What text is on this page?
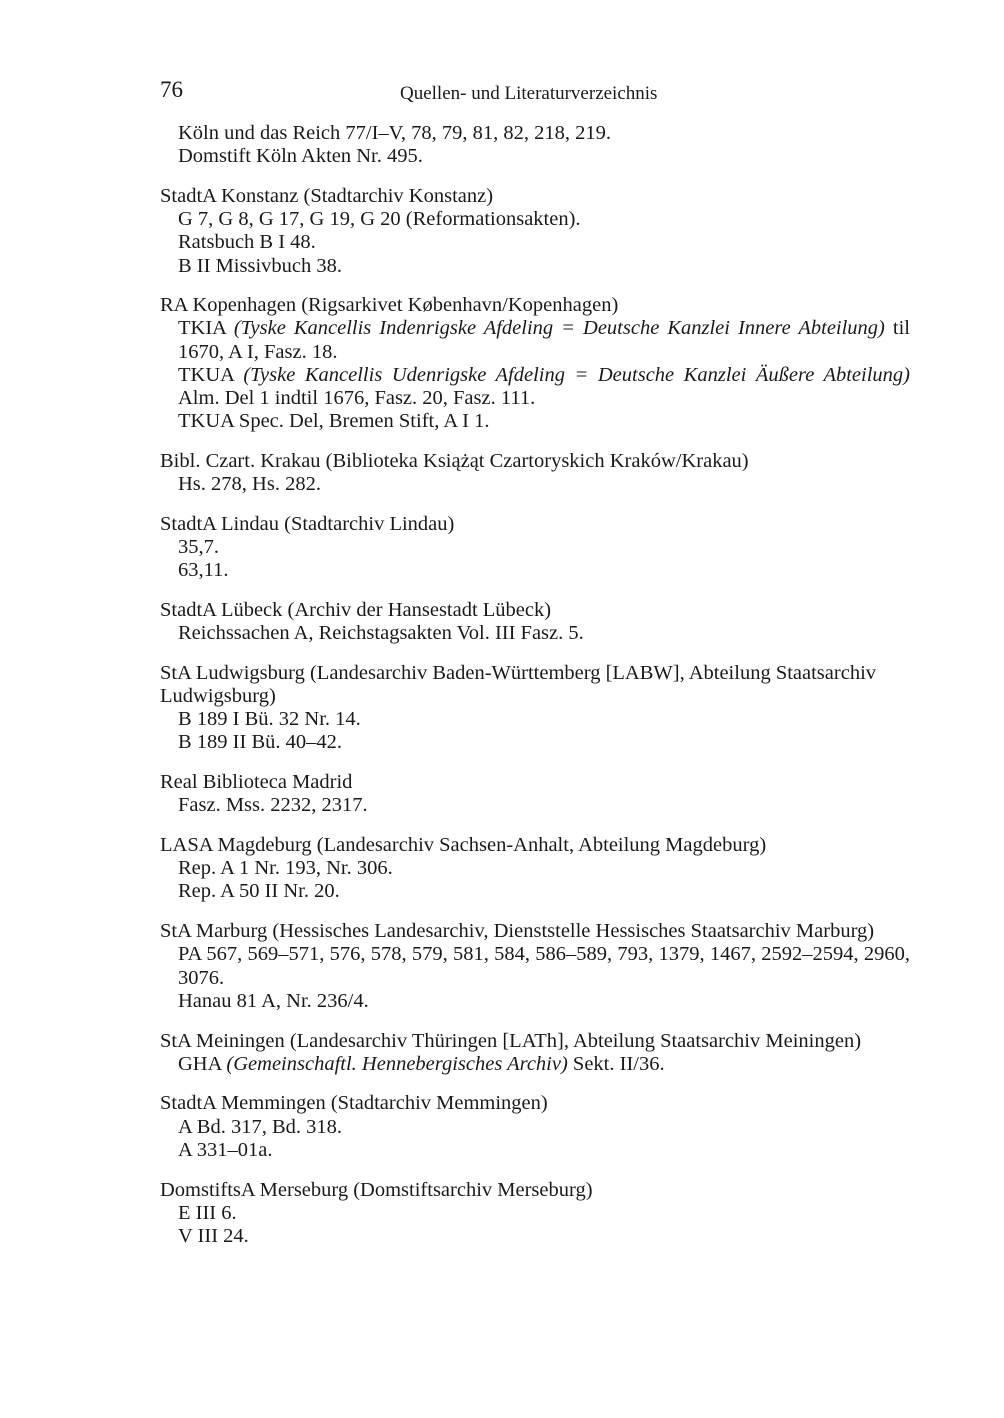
76	Quellen- und Literaturverzeichnis
Köln und das Reich 77/I–V, 78, 79, 81, 82, 218, 219.
Domstift Köln Akten Nr. 495.
StadtA Konstanz (Stadtarchiv Konstanz)
G 7, G 8, G 17, G 19, G 20 (Reformationsakten).
Ratsbuch B I 48.
B II Missivbuch 38.
RA Kopenhagen (Rigsarkivet København/Kopenhagen)
TKIA (Tyske Kancellis Indenrigske Afdeling = Deutsche Kanzlei Innere Abteilung) til 1670, A I, Fasz. 18.
TKUA (Tyske Kancellis Udenrigske Afdeling = Deutsche Kanzlei Äußere Abteilung) Alm. Del 1 indtil 1676, Fasz. 20, Fasz. 111.
TKUA Spec. Del, Bremen Stift, A I 1.
Bibl. Czart. Krakau (Biblioteka Książąt Czartoryskich Kraków/Krakau)
Hs. 278, Hs. 282.
StadtA Lindau (Stadtarchiv Lindau)
35,7.
63,11.
StadtA Lübeck (Archiv der Hansestadt Lübeck)
Reichssachen A, Reichstagsakten Vol. III Fasz. 5.
StA Ludwigsburg (Landesarchiv Baden-Württemberg [LABW], Abteilung Staatsarchiv Ludwigsburg)
B 189 I Bü. 32 Nr. 14.
B 189 II Bü. 40–42.
Real Biblioteca Madrid
Fasz. Mss. 2232, 2317.
LASA Magdeburg (Landesarchiv Sachsen-Anhalt, Abteilung Magdeburg)
Rep. A 1 Nr. 193, Nr. 306.
Rep. A 50 II Nr. 20.
StA Marburg (Hessisches Landesarchiv, Dienststelle Hessisches Staatsarchiv Marburg)
PA 567, 569–571, 576, 578, 579, 581, 584, 586–589, 793, 1379, 1467, 2592–2594, 2960, 3076.
Hanau 81 A, Nr. 236/4.
StA Meiningen (Landesarchiv Thüringen [LATh], Abteilung Staatsarchiv Meiningen)
GHA (Gemeinschaftl. Hennebergisches Archiv) Sekt. II/36.
StadtA Memmingen (Stadtarchiv Memmingen)
A Bd. 317, Bd. 318.
A 331–01a.
DomstiftsA Merseburg (Domstiftsarchiv Merseburg)
E III 6.
V III 24.
